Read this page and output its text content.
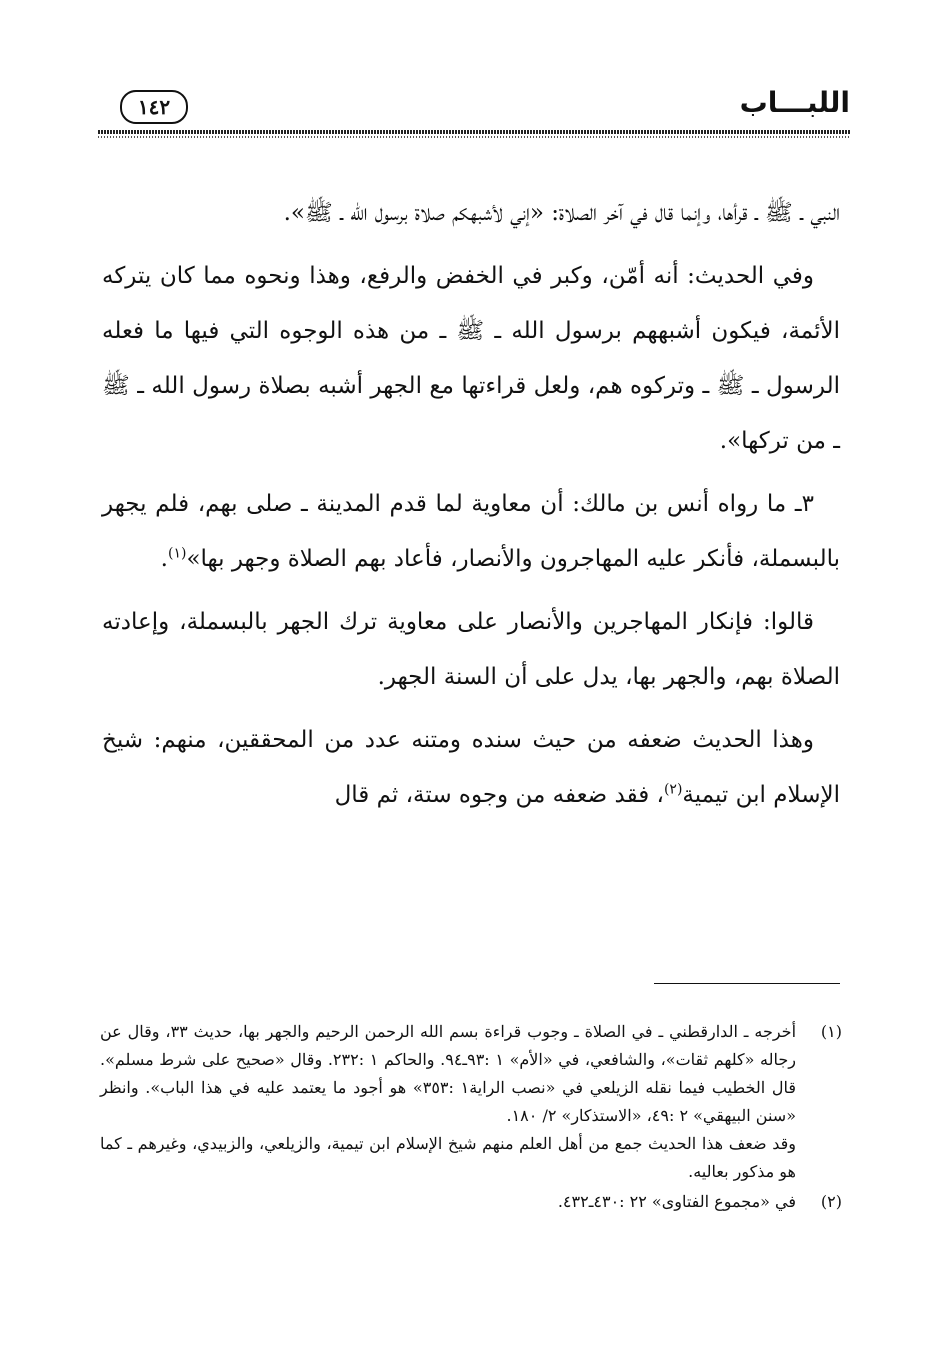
١٤٢	اللبـــاب

النبي ـ ﷺ ـ قرأها، وإنما قال في آخر الصلاة: «إني لأشبهكم صلاة برسول الله ـ ﷺ».

وفي الحديث: أنه أمّن، وكبر في الخفض والرفع، وهذا ونحوه مما كان يتركه الأئمة، فيكون أشبههم برسول الله ـ ﷺ ـ من هذه الوجوه التي فيها ما فعله الرسول ـ ﷺ ـ وتركوه هم، ولعل قراءتها مع الجهر أشبه بصلاة رسول الله ـ ﷺ ـ من تركها».

٣ـ ما رواه أنس بن مالك: أن معاوية لما قدم المدينة ـ صلى بهم، فلم يجهر بالبسملة، فأنكر عليه المهاجرون والأنصار، فأعاد بهم الصلاة وجهر بها»$^{(١)}$.

قالوا: فإنكار المهاجرين والأنصار على معاوية ترك الجهر بالبسملة، وإعادته الصلاة بهم، والجهر بها، يدل على أن السنة الجهر.

وهذا الحديث ضعفه من حيث سنده ومتنه عدد من المحققين، منهم: شيخ الإسلام ابن تيمية$^{(٢)}$، فقد ضعفه من وجوه ستة، ثم قال

(١)
أخرجه ـ الدارقطني ـ في الصلاة ـ وجوب قراءة بسم الله الرحمن الرحيم والجهر بها، حديث ٣٣، وقال عن رجاله «كلهم ثقات»، والشافعي، في «الأم» ١ :٩٣ـ٩٤. والحاكم ١ :٢٣٢. وقال «صحيح على شرط مسلم». قال الخطيب فيما نقله الزيلعي في «نصب الراية١ :٣٥٣» هو أجود ما يعتمد عليه في هذا الباب». وانظر «سنن البيهقي» ٢ :٤٩، «الاستذكار» ٢/ ١٨٠.
وقد ضعف هذا الحديث جمع من أهل العلم منهم شيخ الإسلام ابن تيمية، والزيلعي، والزبيدي، وغيرهم ـ كما هو مذكور بعاليه.
(٢)
في «مجموع الفتاوى» ٢٢ :٤٣٠ـ٤٣٢.
